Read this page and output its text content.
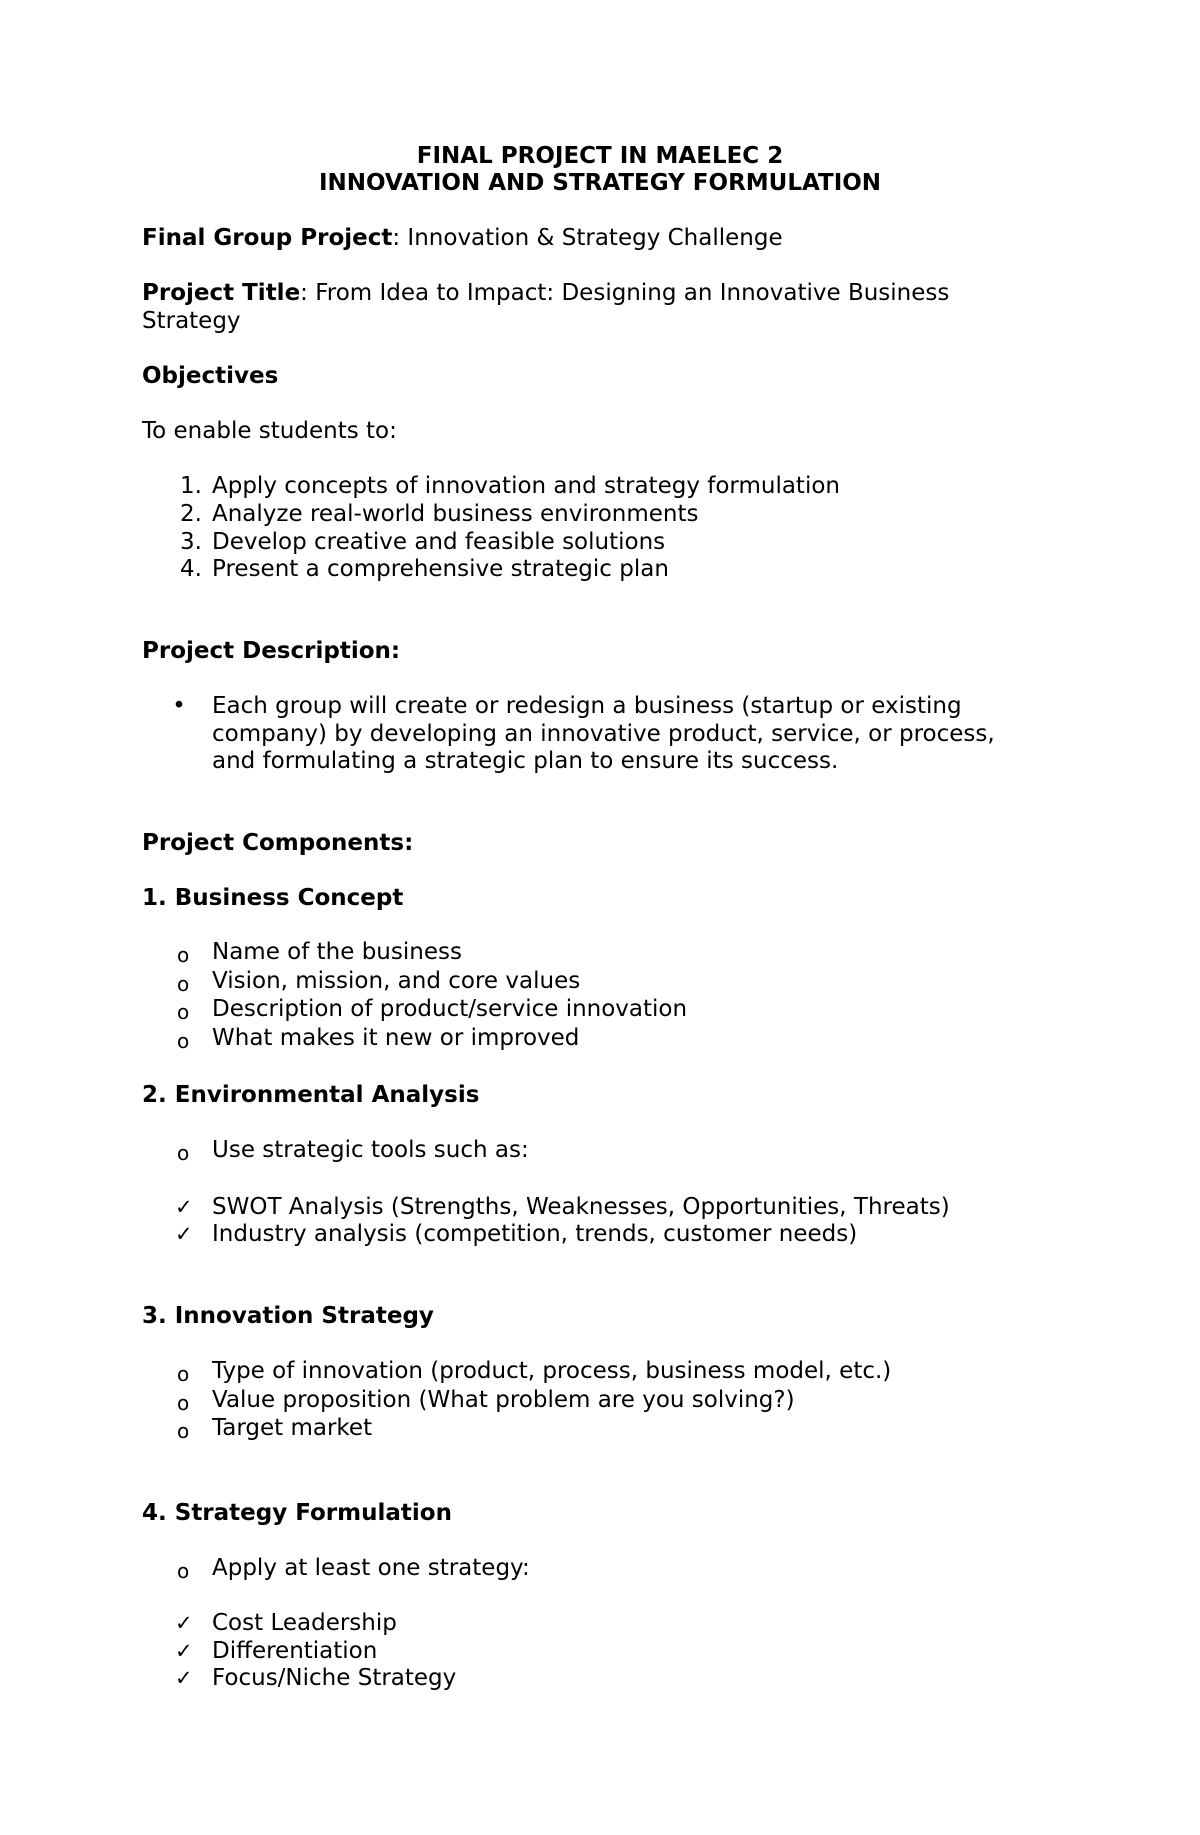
FINAL PROJECT IN MAELEC 2
INNOVATION AND STRATEGY FORMULATION
Final Group Project: Innovation & Strategy Challenge
Project Title: From Idea to Impact: Designing an Innovative Business
Strategy
Objectives
To enable students to:
1. Apply concepts of innovation and strategy formulation
2. Analyze real-world business environments
3. Develop creative and feasible solutions
4. Present a comprehensive strategic plan
Project Description:
• Each group will create or redesign a business (startup or existing
company) by developing an innovative product, service, or process,
and formulating a strategic plan to ensure its success.
Project Components:
1. Business Concept
o Name of the business
o Vision, mission, and core values
o Description of product/service innovation
o What makes it new or improved
2. Environmental Analysis
o Use strategic tools such as:
✓ SWOT Analysis (Strengths, Weaknesses, Opportunities, Threats)
✓ Industry analysis (competition, trends, customer needs)
3. Innovation Strategy
o Type of innovation (product, process, business model, etc.)
o Value proposition (What problem are you solving?)
o Target market
4. Strategy Formulation
o Apply at least one strategy:
✓ Cost Leadership
✓ Differentiation
✓ Focus/Niche Strategy
